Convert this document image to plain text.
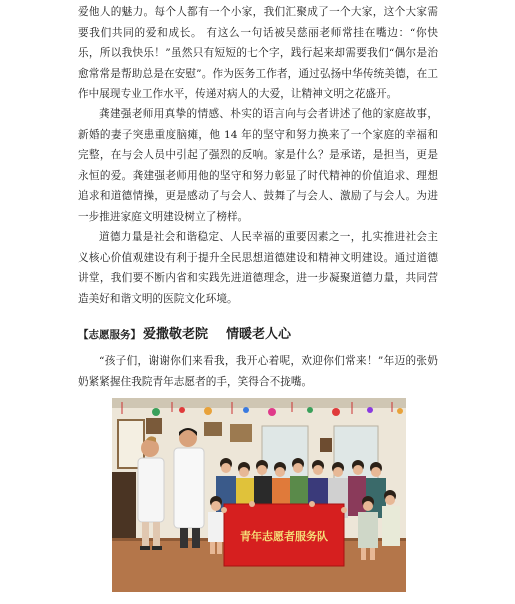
爱他人的魅力。每个人都有一个小家，我们汇聚成了一个大家，这个大家需要我们共同的爱和成长。 有这么一句话被吴慈丽老师常挂在嘴边：“你快乐，所以我快乐！”虽然只有短短的七个字，践行起来却需要我们“偶尔是治愈常常是帮助总是在安慰”。作为医务工作者，通过弘扬中华传统美德，在工作中展现专业工作水平，传递对病人的大爱，让精神文明之花盛开。

龚建强老师用真挚的情感、朴实的语言向与会者讲述了他的家庭故事，新婚的妻子突患重度脑瘫，他 14 年的坚守和努力换来了一个家庭的幸福和完整，在与会人员中引起了强烈的反响。家是什么？是承诺，是担当，更是永恒的爱。龚建强老师用他的坚守和努力彰显了时代精神的价值追求、理想追求和道德情操，更是感动了与会人、鼓舞了与会人、激励了与会人。为进一步推进家庭文明建设树立了榜样。

道德力量是社会和谐稳定、人民幸福的重要因素之一，扎实推进社会主义核心价值观建设有利于提升全民思想道德建设和精神文明建设。通过道德讲堂，我们要不断内省和实践先进道德理念，进一步凝聚道德力量，共同营造美好和谐文明的医院文化环境。

【志愿服务】 爱撒敬老院 情暖老人心

“孩子们，谢谢你们来看我，我开心着呢，欢迎你们常来！”年迈的张奶奶紧紧握住我院青年志愿者的手，笑得合不拢嘴。

青年志愿者服务队
